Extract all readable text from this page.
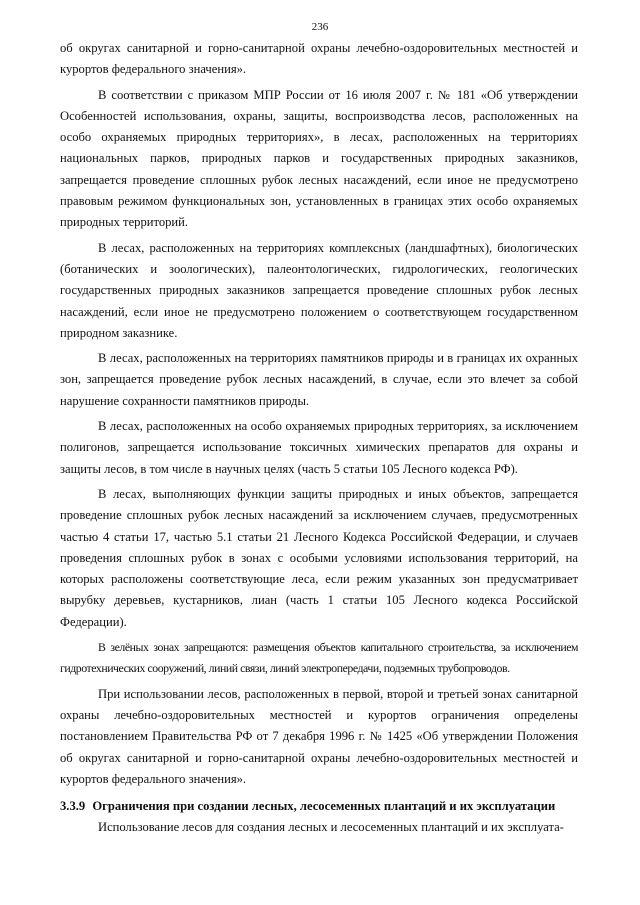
236

об округах санитарной и горно-санитарной охраны лечебно-оздоровительных местностей и курортов федерального значения».

В соответствии с приказом МПР России от 16 июля 2007 г. № 181 «Об утверждении Особенностей использования, охраны, защиты, воспроизводства лесов, расположенных на особо охраняемых природных территориях», в лесах, расположенных на территориях национальных парков, природных парков и государственных природных заказников, запрещается проведение сплошных рубок лесных насаждений, если иное не предусмотрено правовым режимом функциональных зон, установленных в границах этих особо охраняемых природных территорий.

В лесах, расположенных на территориях комплексных (ландшафтных), биологических (ботанических и зоологических), палеонтологических, гидрологических, геологических государственных природных заказников запрещается проведение сплошных рубок лесных насаждений, если иное не предусмотрено положением о соответствующем государственном природном заказнике.

В лесах, расположенных на территориях памятников природы и в границах их охранных зон, запрещается проведение рубок лесных насаждений, в случае, если это влечет за собой нарушение сохранности памятников природы.

В лесах, расположенных на особо охраняемых природных территориях, за исключением полигонов, запрещается использование токсичных химических препаратов для охраны и защиты лесов, в том числе в научных целях (часть 5 статьи 105 Лесного кодекса РФ).

В лесах, выполняющих функции защиты природных и иных объектов, запрещается проведение сплошных рубок лесных насаждений за исключением случаев, предусмотренных частью 4 статьи 17, частью 5.1 статьи 21 Лесного Кодекса Российской Федерации, и случаев проведения сплошных рубок в зонах с особыми условиями использования территорий, на которых расположены соответствующие леса, если режим указанных зон предусматривает вырубку деревьев, кустарников, лиан (часть 1 статьи 105 Лесного кодекса Российской Федерации).

В зелёных зонах запрещаются: размещения объектов капитального строительства, за исключением гидротехнических сооружений, линий связи, линий электропередачи, подземных трубопроводов.

При использовании лесов, расположенных в первой, второй и третьей зонах санитарной охраны лечебно-оздоровительных местностей и курортов ограничения определены постановлением Правительства РФ от 7 декабря 1996 г. № 1425 «Об утверждении Положения об округах санитарной и горно-санитарной охраны лечебно-оздоровительных местностей и курортов федерального значения».

3.3.9 Ограничения при создании лесных, лесосеменных плантаций и их эксплуатации

Использование лесов для создания лесных и лесосеменных плантаций и их эксплуата-
